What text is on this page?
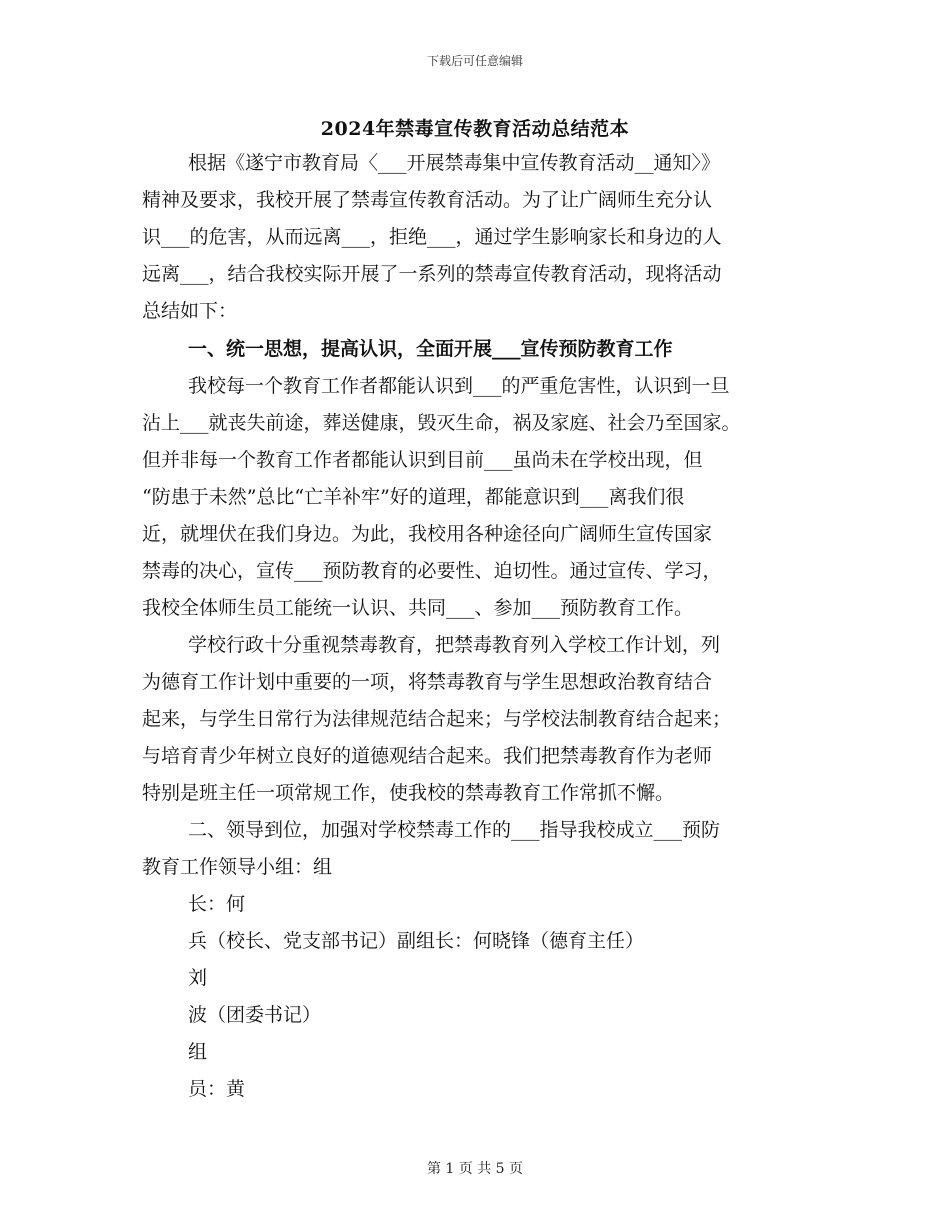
下载后可任意编辑
2024年禁毒宣传教育活动总结范本
根据《遂宁市教育局〈___开展禁毒集中宣传教育活动__通知〉》
精神及要求，我校开展了禁毒宣传教育活动。为了让广阔师生充分认
识___的危害，从而远离___，拒绝___，通过学生影响家长和身边的人
远离___，结合我校实际开展了一系列的禁毒宣传教育活动，现将活动
总结如下：
一、统一思想，提高认识，全面开展___宣传预防教育工作
我校每一个教育工作者都能认识到___的严重危害性，认识到一旦
沾上___就丧失前途，葬送健康，毁灭生命，祸及家庭、社会乃至国家。
但并非每一个教育工作者都能认识到目前___虽尚未在学校出现，但
“防患于未然”总比“亡羊补牢”好的道理，都能意识到___离我们很
近，就埋伏在我们身边。为此，我校用各种途径向广阔师生宣传国家
禁毒的决心，宣传___预防教育的必要性、迫切性。通过宣传、学习，
我校全体师生员工能统一认识、共同___、参加___预防教育工作。
学校行政十分重视禁毒教育，把禁毒教育列入学校工作计划，列
为德育工作计划中重要的一项，将禁毒教育与学生思想政治教育结合
起来，与学生日常行为法律规范结合起来；与学校法制教育结合起来；
与培育青少年树立良好的道德观结合起来。我们把禁毒教育作为老师
特别是班主任一项常规工作，使我校的禁毒教育工作常抓不懈。
二、领导到位，加强对学校禁毒工作的___指导我校成立___预防
教育工作领导小组：组
长：何
兵（校长、党支部书记）副组长：何晓锋（德育主任）
刘
波（团委书记）
组
员：黄
第 1 页 共 5 页
